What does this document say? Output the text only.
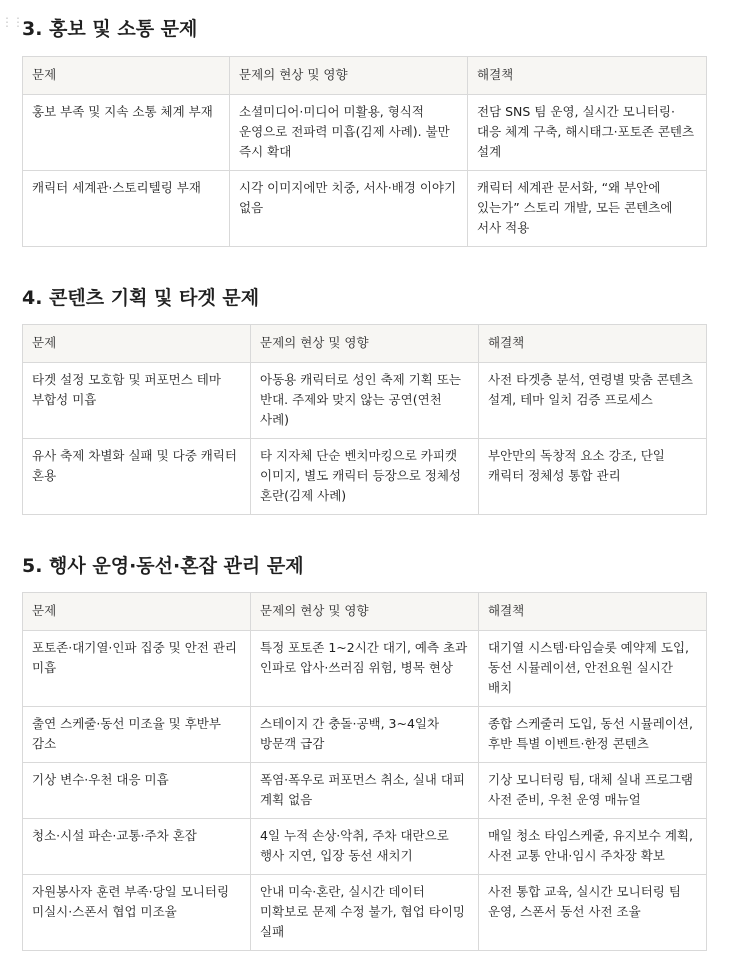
⋮⋮ 3. 홍보 및 소통 문제
문제	문제의 현상 및 영향	해결책
홍보 부족 및 지속 소통 체계 부재	소셜미디어·미디어 미활용, 형식적 운영으로 전파력 미흡(김제 사례). 불만 즉시 확대	전담 SNS 팀 운영, 실시간 모니터링·대응 체계 구축, 해시태그·포토존 콘텐츠 설계
캐릭터 세계관·스토리텔링 부재	시각 이미지에만 치중, 서사·배경 이야기 없음	캐릭터 세계관 문서화, “왜 부안에 있는가” 스토리 개발, 모든 콘텐츠에 서사 적용
4. 콘텐츠 기획 및 타겟 문제
문제	문제의 현상 및 영향	해결책
타겟 설정 모호함 및 퍼포먼스 테마 부합성 미흡	아동용 캐릭터로 성인 축제 기획 또는 반대. 주제와 맞지 않는 공연(연천 사례)	사전 타겟층 분석, 연령별 맞춤 콘텐츠 설계, 테마 일치 검증 프로세스
유사 축제 차별화 실패 및 다중 캐릭터 혼용	타 지자체 단순 벤치마킹으로 카피캣 이미지, 별도 캐릭터 등장으로 정체성 혼란(김제 사례)	부안만의 독창적 요소 강조, 단일 캐릭터 정체성 통합 관리
5. 행사 운영·동선·혼잡 관리 문제
문제	문제의 현상 및 영향	해결책
포토존·대기열·인파 집중 및 안전 관리 미흡	특정 포토존 1~2시간 대기, 예측 초과 인파로 압사·쓰러짐 위험, 병목 현상	대기열 시스템·타임슬롯 예약제 도입, 동선 시뮬레이션, 안전요원 실시간 배치
출연 스케줄·동선 미조율 및 후반부 감소	스테이지 간 충돌·공백, 3~4일차 방문객 급감	종합 스케줄러 도입, 동선 시뮬레이션, 후반 특별 이벤트·한정 콘텐츠
기상 변수·우천 대응 미흡	폭염·폭우로 퍼포먼스 취소, 실내 대피 계획 없음	기상 모니터링 팀, 대체 실내 프로그램 사전 준비, 우천 운영 매뉴얼
청소·시설 파손·교통·주차 혼잡	4일 누적 손상·악취, 주차 대란으로 행사 지연, 입장 동선 새치기	매일 청소 타임스케줄, 유지보수 계획, 사전 교통 안내·임시 주차장 확보
자원봉사자 훈련 부족·당일 모니터링 미실시·스폰서 협업 미조율	안내 미숙·혼란, 실시간 데이터 미확보로 문제 수정 불가, 협업 타이밍 실패	사전 통합 교육, 실시간 모니터링 팀 운영, 스폰서 동선 사전 조율
